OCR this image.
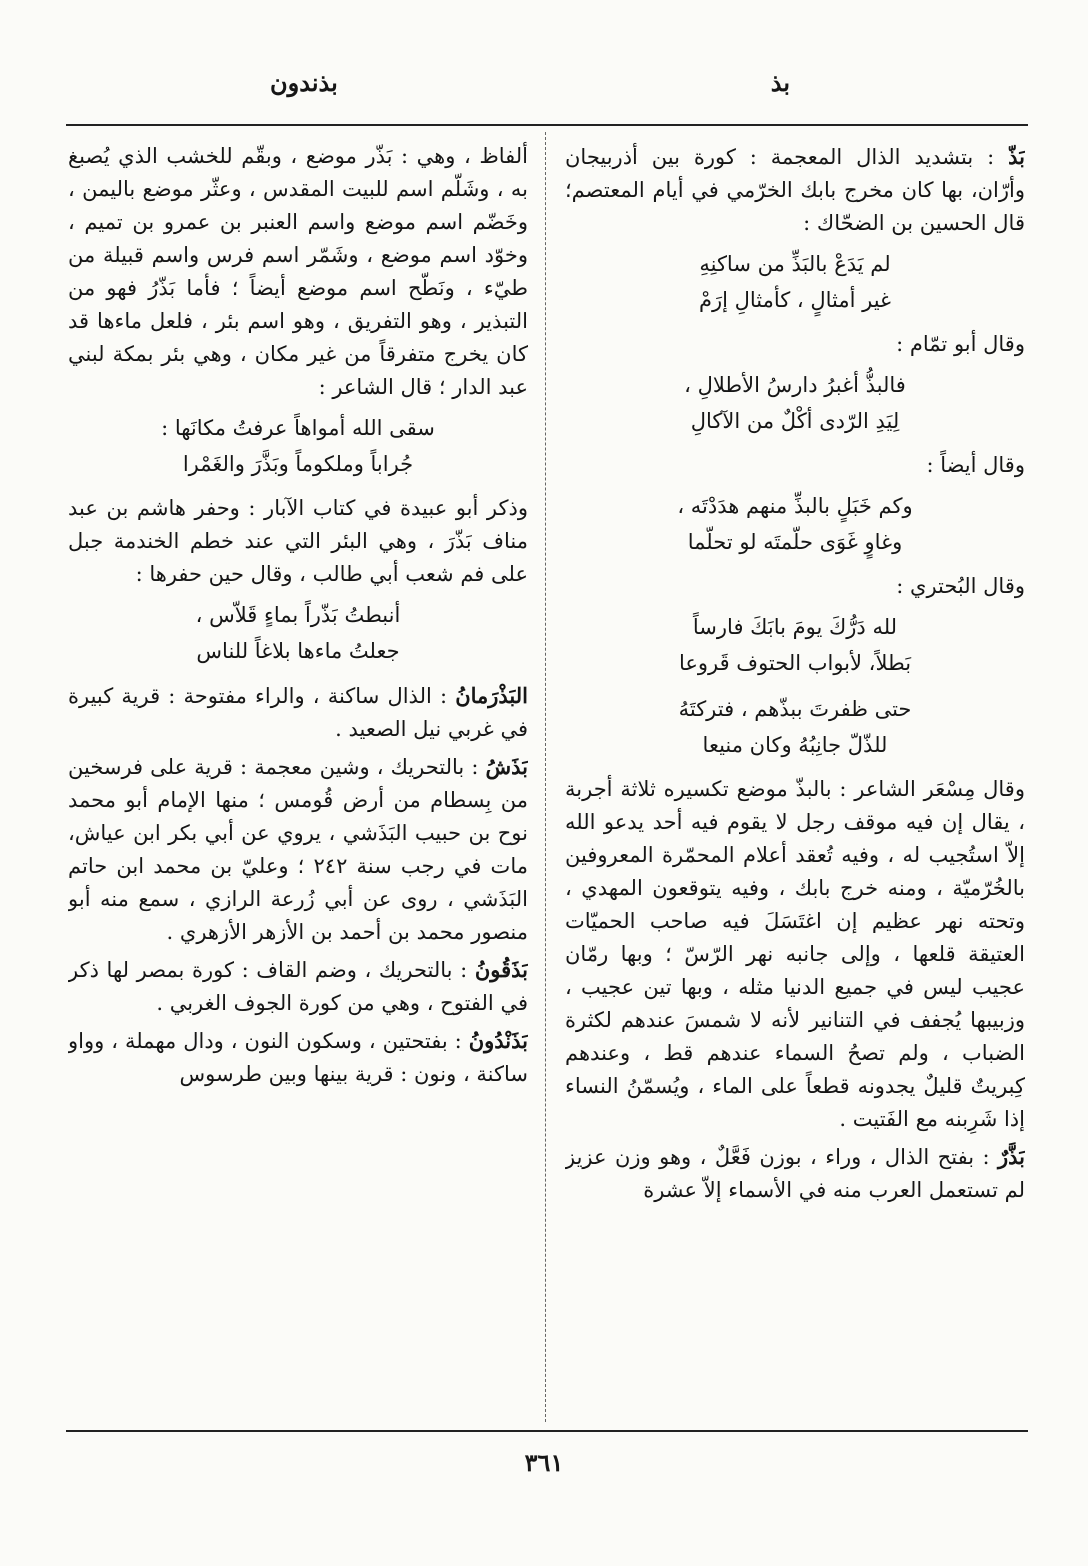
بذ
بذندون

بَذّ : بتشديد الذال المعجمة : كورة بين أذربيجان وأرّان، بها كان مخرج بابك الخرّمي في أيام المعتصم؛ قال الحسين بن الضحّاك :

لم يَدَعْ بالبَذِّ من ساكنِهِ
غير أمثالٍ ، كأمثالِ إرَمْ

وقال أبو تمّام :

فالبذُّ أغبرُ دارسُ الأطلالِ ،
لِيَدِ الرّدى أكْلٌ من الآكالِ

وقال أيضاً :

وكم خَبَلٍ بالبذِّ منهم هدَدْتَه ،
وغاوٍ غَوَى حلّمتَه لو تحلّما

وقال البُحتري :

لله دَرُّكَ يومَ بابَكَ فارساً
بَطلاً، لأبواب الحتوف قَروعا
حتى ظفرتَ ببذّهم ، فتركتَهُ
للذّلّ جانِبُهُ وكان منيعا

وقال مِسْعَر الشاعر : بالبذّ موضع تكسيره ثلاثة أجربة ، يقال إن فيه موقف رجل لا يقوم فيه أحد يدعو الله إلاّ استُجيب له ، وفيه تُعقد أعلام المحمّرة المعروفين بالخُرّميّة ، ومنه خرج بابك ، وفيه يتوقعون المهدي ، وتحته نهر عظيم إن اغتَسَلَ فيه صاحب الحميّات العتيقة قلعها ، وإلى جانبه نهر الرّسّ ؛ وبها رمّان عجيب ليس في جميع الدنيا مثله ، وبها تين عجيب ، وزبيبها يُجفف في التنانير لأنه لا شمسَ عندهم لكثرة الضباب ، ولم تصحُ السماء عندهم قط ، وعندهم كِبريتٌ قليلٌ يجدونه قطعاً على الماء ، ويُسمّنُ النساء إذا شَرِبنه مع الفَتيت .

بَذَّرٌ : بفتح الذال ، وراء ، بوزن فَعَّلٌ ، وهو وزن عزيز لم تستعمل العرب منه في الأسماء إلاّ عشرة

ألفاظ ، وهي : بَذّر موضع ، وبقّم للخشب الذي يُصبغ به ، وشَلّم اسم للبيت المقدس ، وعثّر موضع باليمن ، وخَضّم اسم موضع واسم العنبر بن عمرو بن تميم ، وخوّد اسم موضع ، وشَمّر اسم فرس واسم قبيلة من طيّء ، ونَطّح اسم موضع أيضاً ؛ فأما بَذّرُ فهو من التبذير ، وهو التفريق ، وهو اسم بئر ، فلعل ماءها قد كان يخرج متفرقاً من غير مكان ، وهي بئر بمكة لبني عبد الدار ؛ قال الشاعر :

سقى الله أمواهاً عرفتُ مكانَها :
جُراباً وملكوماً وبَذَّرَ والغَمْرا

وذكر أبو عبيدة في كتاب الآبار : وحفر هاشم بن عبد مناف بَذّرَ ، وهي البئر التي عند خطم الخندمة جبل على فم شعب أبي طالب ، وقال حين حفرها :

أنبطتُ بَذّراً بماءٍ قَلاّس ،
جعلتُ ماءها بلاغاً للناس

البَذْرَمانُ : الذال ساكنة ، والراء مفتوحة : قرية كبيرة في غربي نيل الصعيد .

بَذَشُ : بالتحريك ، وشين معجمة : قرية على فرسخين من بِسطام من أرض قُومس ؛ منها الإمام أبو محمد نوح بن حبيب البَذَشي ، يروي عن أبي بكر ابن عياش، مات في رجب سنة ٢٤٢ ؛ وعليّ بن محمد ابن حاتم البَذَشي ، روى عن أبي زُرعة الرازي ، سمع منه أبو منصور محمد بن أحمد بن الأزهر الأزهري .

بَذَقُونُ : بالتحريك ، وضم القاف : كورة بمصر لها ذكر في الفتوح ، وهي من كورة الجوف الغربي .

بَذَنْدُونُ : بفتحتين ، وسكون النون ، ودال مهملة ، وواو ساكنة ، ونون : قرية بينها وبين طرسوس

٣٦١
